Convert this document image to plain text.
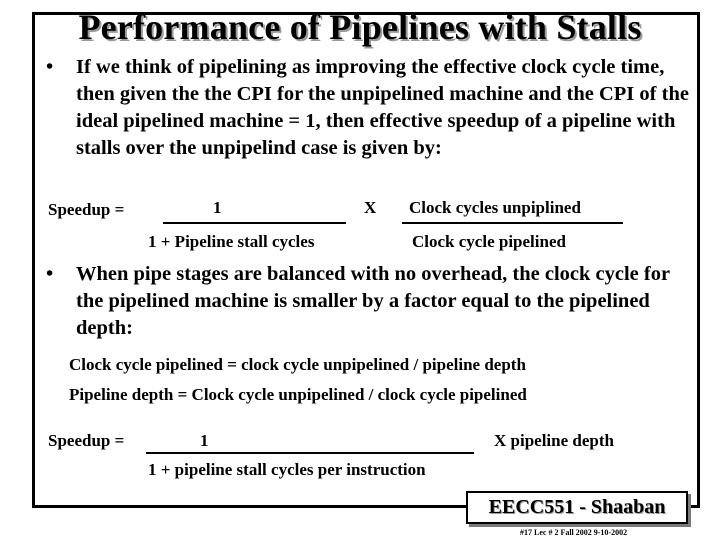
Performance of Pipelines with Stalls
• If we think of pipelining as improving the effective clock cycle time, then given the the CPI for the unpipelined machine and the CPI of the ideal pipelined machine = 1, then effective speedup of a pipeline with stalls over the unpipelind case is given by:
Speedup =	1
1 + Pipeline stall cycles
X Clock cycles unpiplined
Clock cycle pipelined
• When pipe stages are balanced with no overhead, the clock cycle for the pipelined machine is smaller by a factor equal to the pipelined depth:
Clock cycle pipelined = clock cycle unpipelined / pipeline depth
Pipeline depth = Clock cycle unpipelined / clock cycle pipelined
Speedup =	1
1 + pipeline stall cycles per instruction
X pipeline depth
EECC551 - Shaaban
#17 Lec # 2 Fall 2002 9-10-2002
